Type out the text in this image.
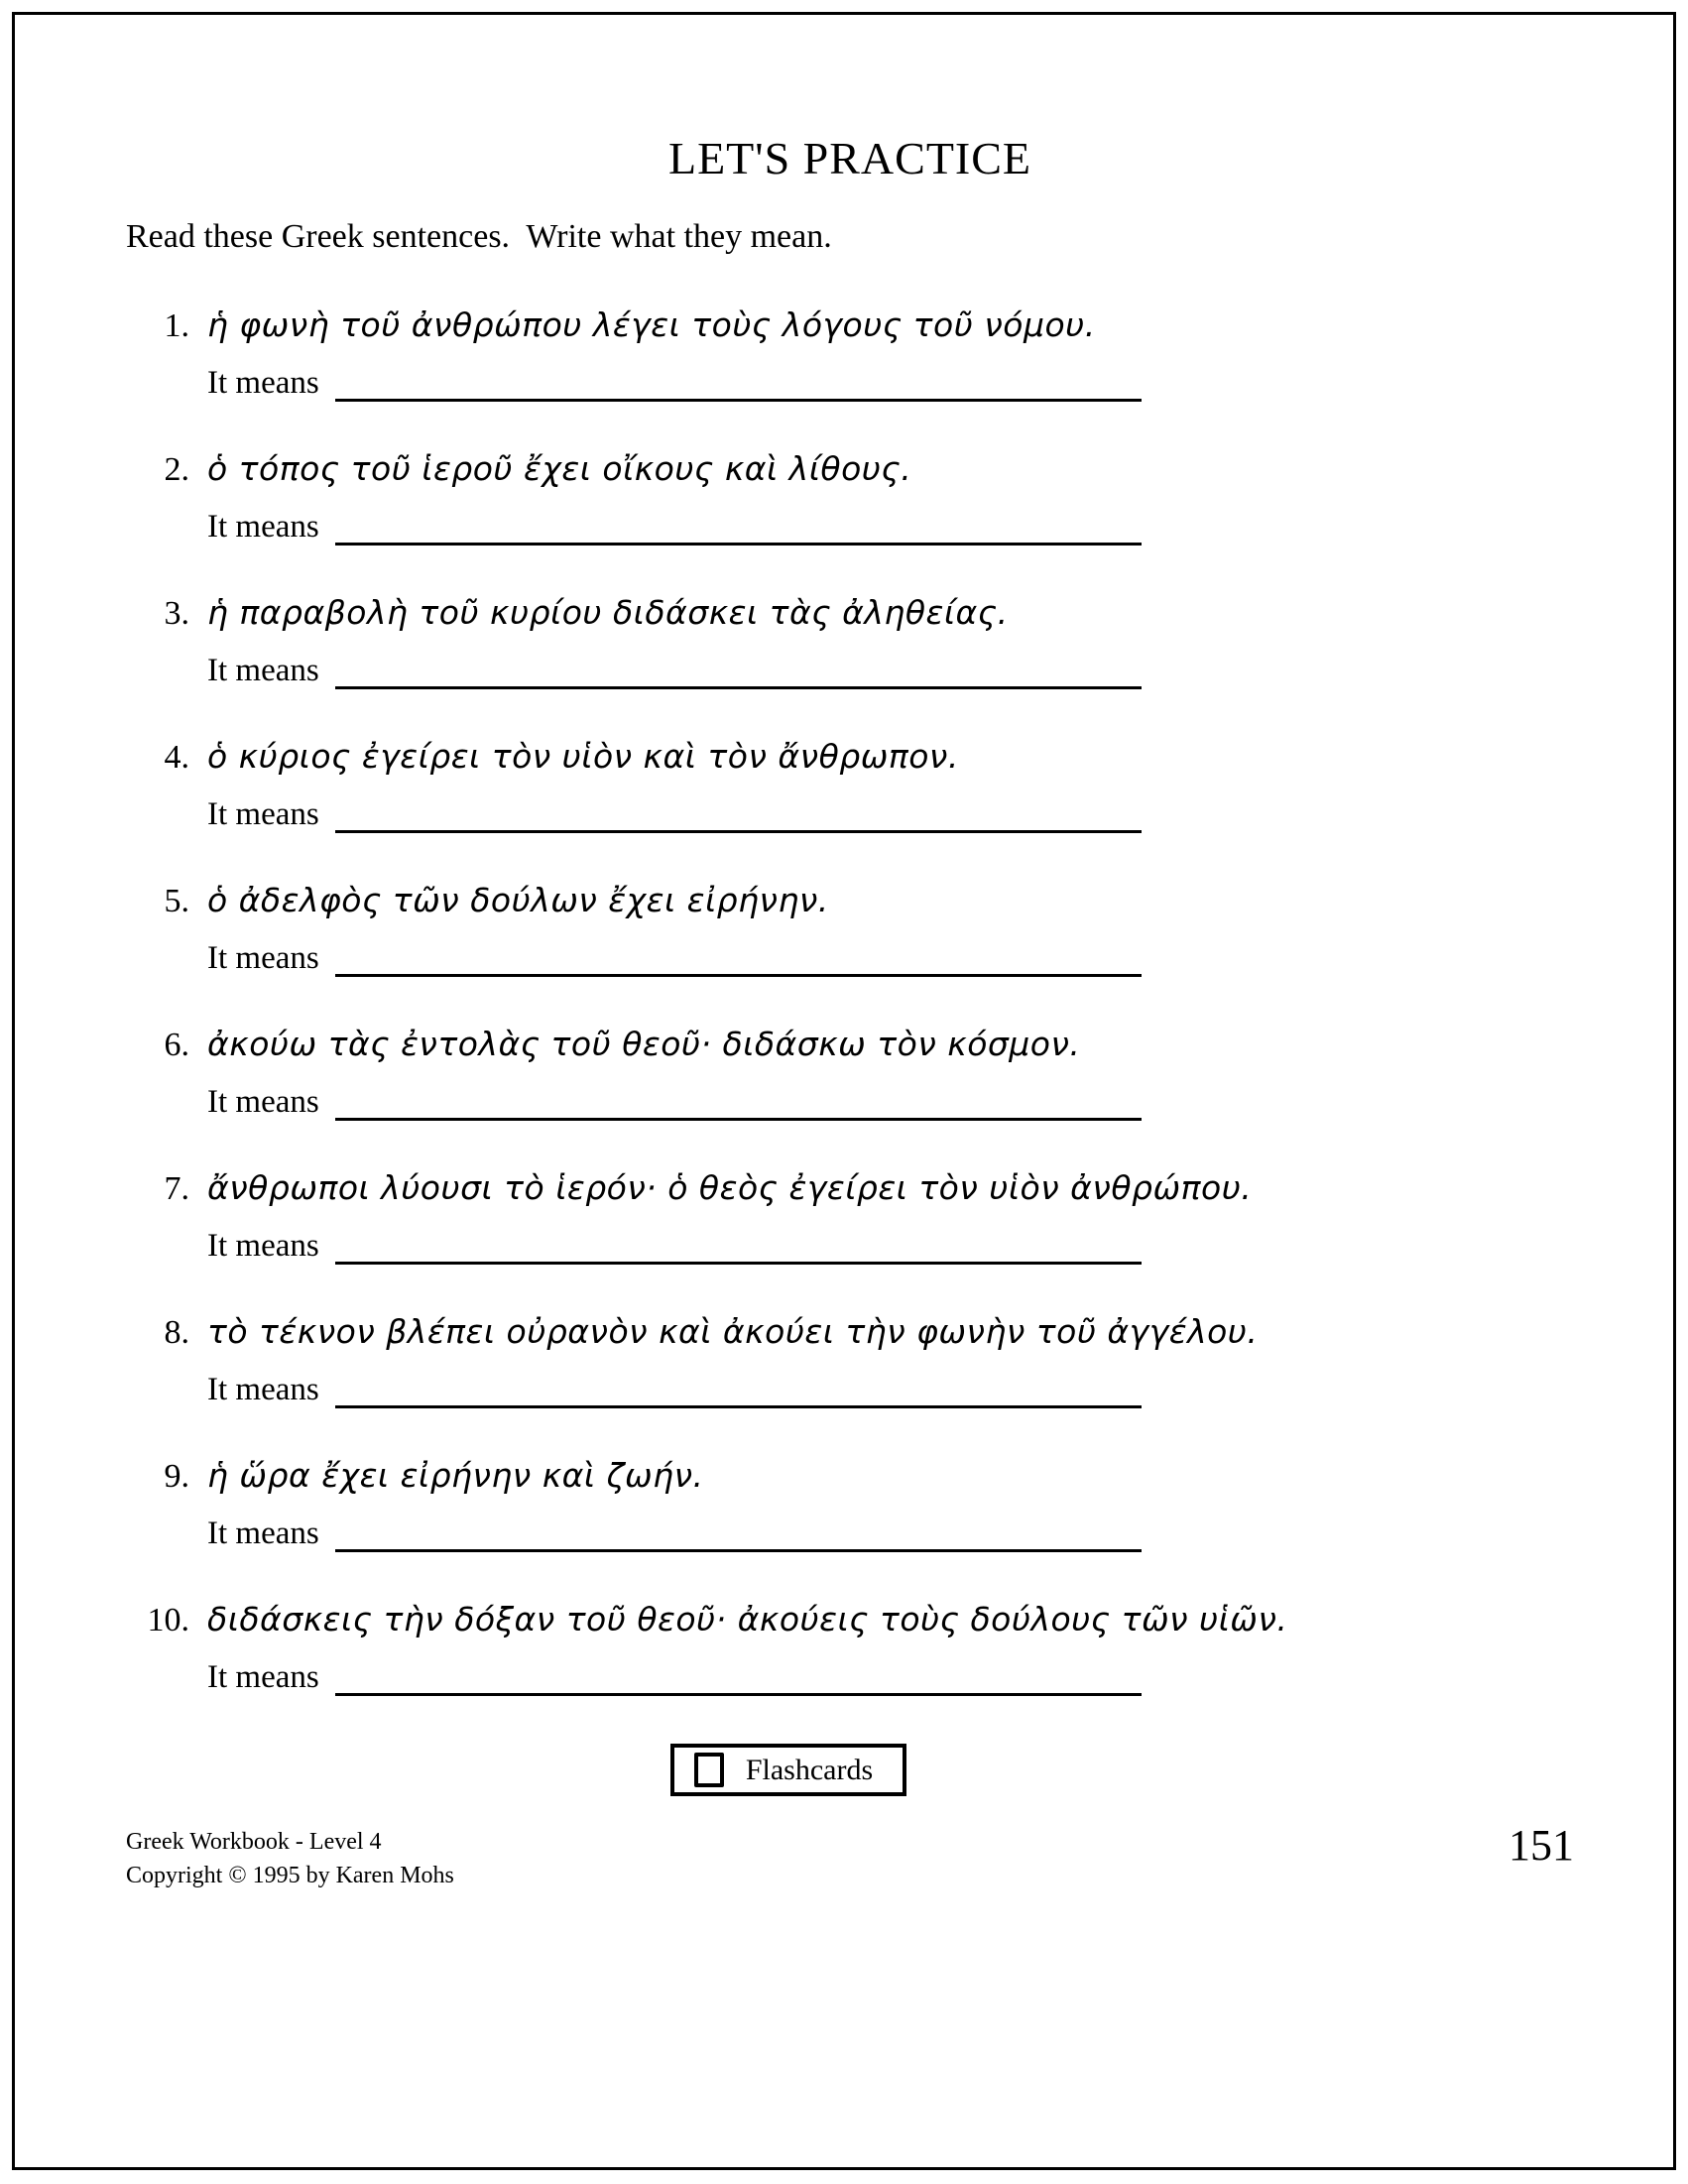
LET'S PRACTICE

Read these Greek sentences.  Write what they mean.

1. ἡ φωνὴ τοῦ ἀνθρώπου λέγει τοὺς λόγους τοῦ νόμου.
It means
2. ὁ τόπος τοῦ ἱεροῦ ἔχει οἴκους καὶ λίθους.
It means
3. ἡ παραβολὴ τοῦ κυρίου διδάσκει τὰς ἀληθείας.
It means
4. ὁ κύριος ἐγείρει τὸν υἱὸν καὶ τὸν ἄνθρωπον.
It means
5. ὁ ἀδελφὸς τῶν δούλων ἔχει εἰρήνην.
It means
6. ἀκούω τὰς ἐντολὰς τοῦ θεοῦ· διδάσκω τὸν κόσμον.
It means
7. ἄνθρωποι λύουσι τὸ ἱερόν· ὁ θεὸς ἐγείρει τὸν υἱὸν ἀνθρώπου.
It means
8. τὸ τέκνον βλέπει οὐρανὸν καὶ ἀκούει τὴν φωνὴν τοῦ ἀγγέλου.
It means
9. ἡ ὥρα ἔχει εἰρήνην καὶ ζωήν.
It means
10. διδάσκεις τὴν δόξαν τοῦ θεοῦ· ἀκούεις τοὺς δούλους τῶν υἱῶν.
It means
Flashcards
Greek Workbook - Level 4
Copyright © 1995 by Karen Mohs
151
